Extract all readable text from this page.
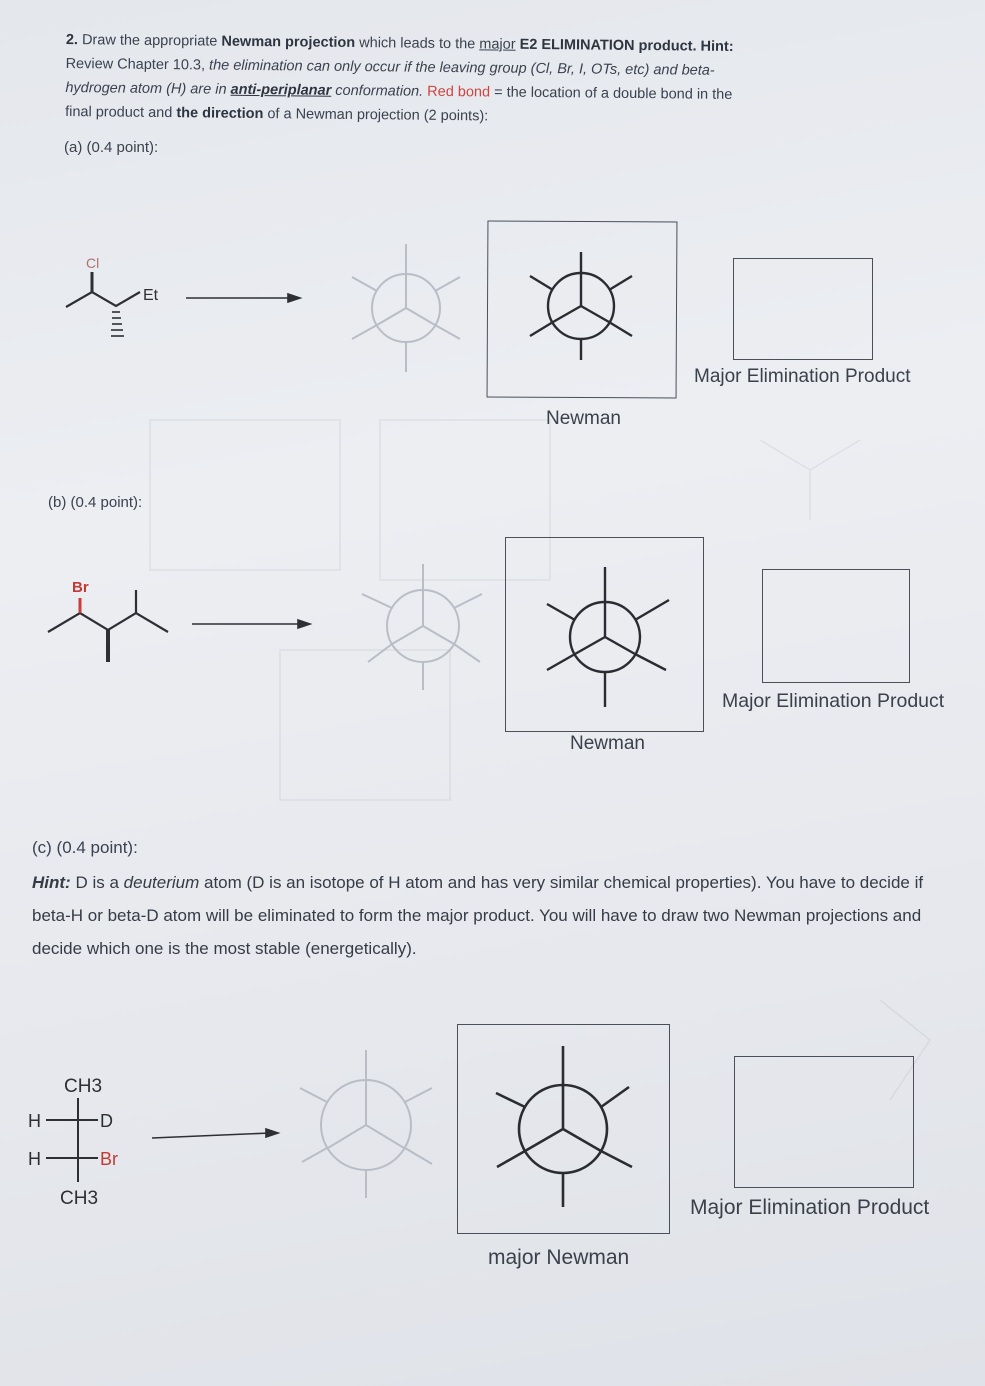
2. Draw the appropriate Newman projection which leads to the major E2 ELIMINATION product. Hint:
Review Chapter 10.3, the elimination can only occur if the leaving group (Cl, Br, I, OTs, etc) and beta-
hydrogen atom (H) are in anti-periplanar conformation. Red bond = the location of a double bond in the
final product and the direction of a Newman projection (2 points):
(a) (0.4 point):
Cl
Et
Br
CH3
CH3
H	D
H	Br
Newman
Major Elimination Product
(b) (0.4 point):
Newman
Major Elimination Product
(c) (0.4 point):
Hint: D is a deuterium atom (D is an isotope of H atom and has very similar chemical properties). You have to decide if beta-H or beta-D atom will be eliminated to form the major product. You will have to draw two Newman projections and decide which one is the most stable (energetically).
major Newman
Major Elimination Product
